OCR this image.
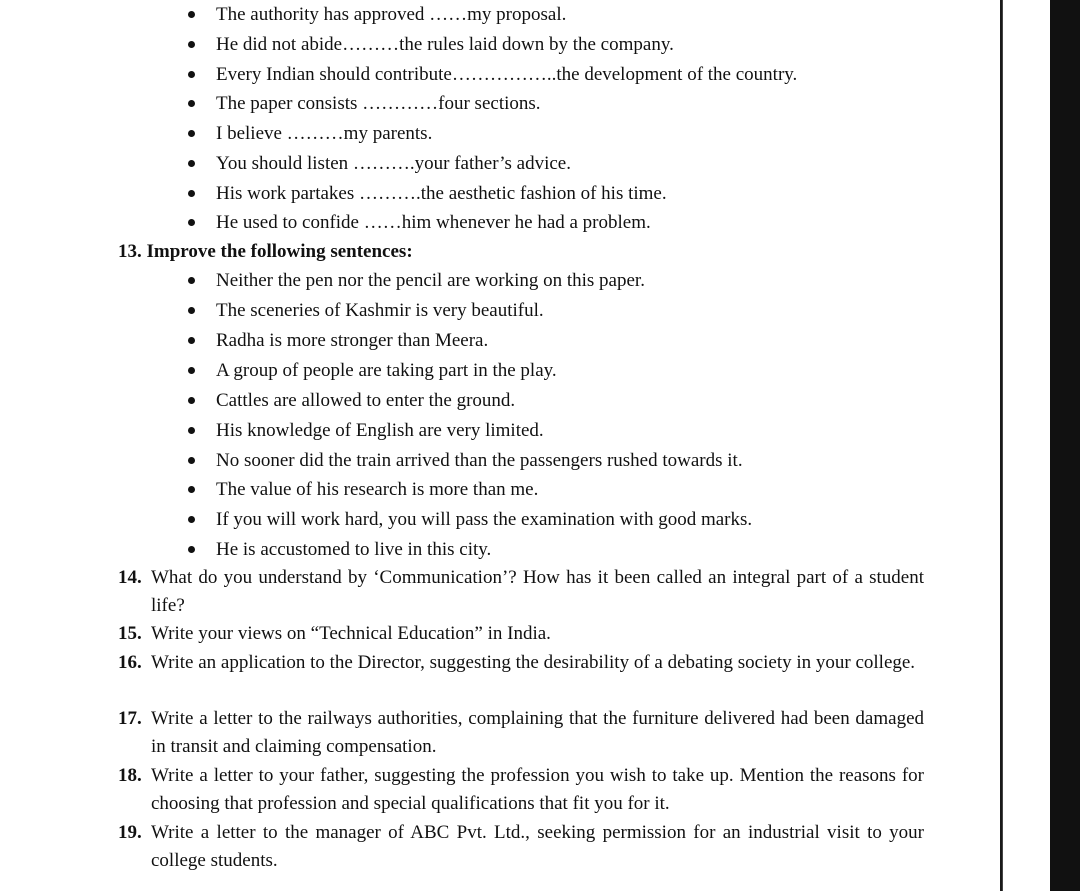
The authority has approved ……my proposal.
He did not abide………the rules laid down by the company.
Every Indian should contribute……………..the development of the country.
The paper consists …………four sections.
I believe ………my parents.
You should listen ……….your father’s advice.
His work partakes ……….the aesthetic fashion of his time.
He used to confide ……him whenever he had a problem.
13. Improve the following sentences:
Neither the pen nor the pencil are working on this paper.
The sceneries of Kashmir is very beautiful.
Radha is more stronger than Meera.
A group of people are taking part in the play.
Cattles are allowed to enter the ground.
His knowledge of English are very limited.
No sooner did the train arrived than the passengers rushed towards it.
The value of his research is more than me.
If you will work hard, you will pass the examination with good marks.
He is accustomed to live in this city.
14. What do you understand by ‘Communication’? How has it been called an integral part of a student life?
15. Write your views on “Technical Education” in India.
16. Write an application to the Director, suggesting the desirability of a debating society in your college.
17. Write a letter to the railways authorities, complaining that the furniture delivered had been damaged in transit and claiming compensation.
18. Write a letter to your father, suggesting the profession you wish to take up. Mention the reasons for choosing that profession and special qualifications that fit you for it.
19. Write a letter to the manager of ABC Pvt. Ltd., seeking permission for an industrial visit to your college students.
